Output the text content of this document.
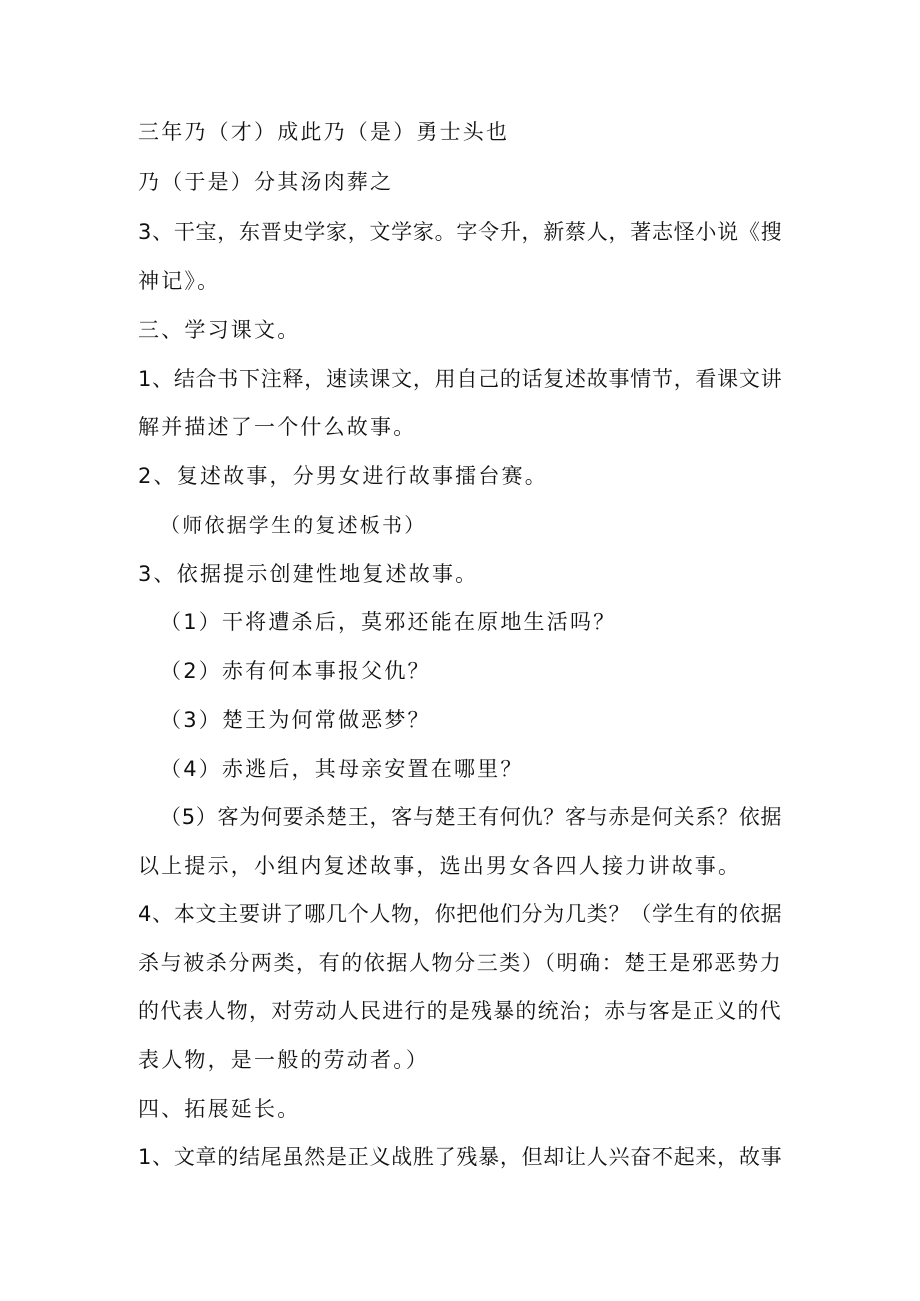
三年乃（才）成此乃（是）勇士头也
乃（于是）分其汤肉葬之
3、干宝，东晋史学家，文学家。字令升，新蔡人，著志怪小说《搜
神记》。
三、学习课文。
1、结合书下注释，速读课文，用自己的话复述故事情节，看课文讲
解并描述了一个什么故事。
2、复述故事，分男女进行故事擂台赛。
（师依据学生的复述板书）
3、依据提示创建性地复述故事。
（1）干将遭杀后，莫邪还能在原地生活吗？
（2）赤有何本事报父仇？
（3）楚王为何常做恶梦？
（4）赤逃后，其母亲安置在哪里？
（5）客为何要杀楚王，客与楚王有何仇？客与赤是何关系？依据
以上提示，小组内复述故事，选出男女各四人接力讲故事。
4、本文主要讲了哪几个人物，你把他们分为几类？（学生有的依据
杀与被杀分两类，有的依据人物分三类）（明确：楚王是邪恶势力
的代表人物，对劳动人民进行的是残暴的统治；赤与客是正义的代
表人物，是一般的劳动者。）
四、拓展延长。
1、文章的结尾虽然是正义战胜了残暴，但却让人兴奋不起来，故事
